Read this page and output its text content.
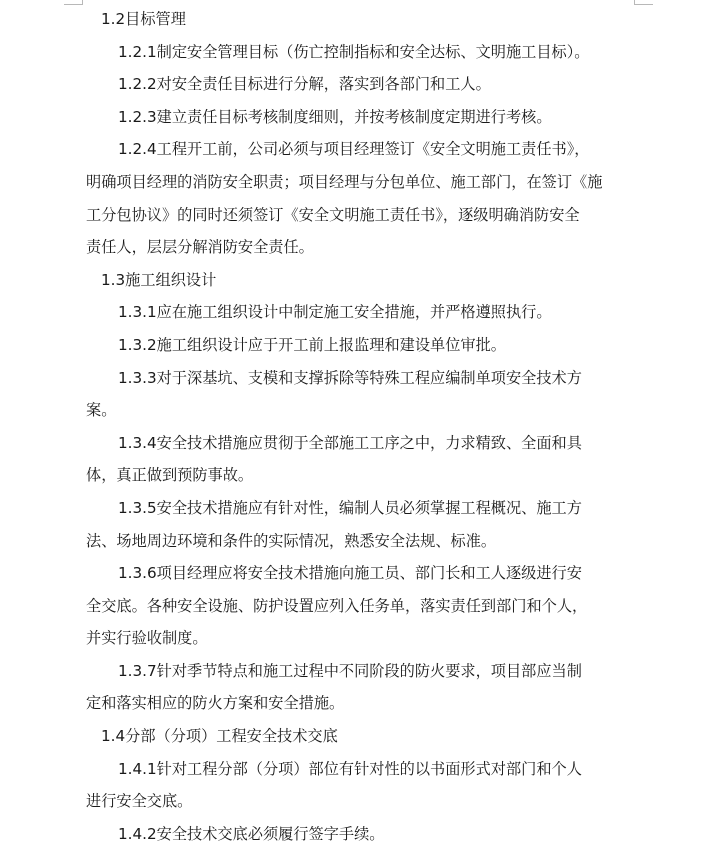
1.2目标管理
1.2.1制定安全管理目标（伤亡控制指标和安全达标、文明施工目标）。
1.2.2对安全责任目标进行分解，落实到各部门和工人。
1.2.3建立责任目标考核制度细则，并按考核制度定期进行考核。
1.2.4工程开工前，公司必须与项目经理签订《安全文明施工责任书》，
明确项目经理的消防安全职责；项目经理与分包单位、施工部门，在签订《施
工分包协议》的同时还须签订《安全文明施工责任书》，逐级明确消防安全
责任人，层层分解消防安全责任。
1.3施工组织设计
1.3.1应在施工组织设计中制定施工安全措施，并严格遵照执行。
1.3.2施工组织设计应于开工前上报监理和建设单位审批。
1.3.3对于深基坑、支模和支撑拆除等特殊工程应编制单项安全技术方
案。
1.3.4安全技术措施应贯彻于全部施工工序之中，力求精致、全面和具
体，真正做到预防事故。
1.3.5安全技术措施应有针对性，编制人员必须掌握工程概况、施工方
法、场地周边环境和条件的实际情况，熟悉安全法规、标准。
1.3.6项目经理应将安全技术措施向施工员、部门长和工人逐级进行安
全交底。各种安全设施、防护设置应列入任务单，落实责任到部门和个人，
并实行验收制度。
1.3.7针对季节特点和施工过程中不同阶段的防火要求，项目部应当制
定和落实相应的防火方案和安全措施。
1.4分部（分项）工程安全技术交底
1.4.1针对工程分部（分项）部位有针对性的以书面形式对部门和个人
进行安全交底。
1.4.2安全技术交底必须履行签字手续。
